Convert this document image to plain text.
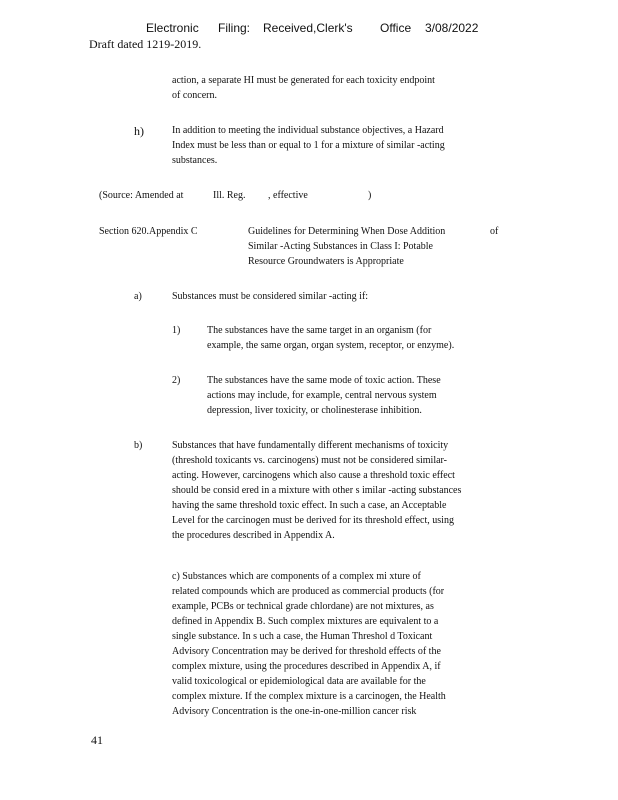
Electronic Filing: Received,Clerk's Office 3/08/2022
Draft dated 1219-2019.
action, a separate HI must be generated for each toxicity endpoint
of concern.
h)	In addition to meeting the individual substance objectives, a Hazard
Index must be less than or equal to 1 for a mixture of similar -acting
substances.
(Source: Amended at	Ill. Reg. , effective	)
Section 620.Appendix C	Guidelines for Determining When Dose Addition
Similar -Acting Substances in Class I: Potable
Resource Groundwaters is Appropriate
of
a)	Substances must be considered similar -acting if:
1)	The substances have the same target in an organism (for
example, the same organ, organ system, receptor, or enzyme).
2)	The substances have the same mode of toxic action. These
actions may include, for example, central nervous system
depression, liver toxicity, or cholinesterase inhibition.
b)	Substances that have fundamentally different mechanisms of toxicity
(threshold toxicants vs. carcinogens) must not be considered similar-
acting. However, carcinogens which also cause a threshold toxic effect
should be consid ered in a mixture with other s imilar -acting substances
having the same threshold toxic effect. In such a case, an Acceptable
Level for the carcinogen must be derived for its threshold effect, using
the procedures described in Appendix A.
c) Substances which are components of a complex mi xture of
related compounds which are produced as commercial products (for
example, PCBs or technical grade chlordane) are not mixtures, as
defined in Appendix B. Such complex mixtures are equivalent to a
single substance. In s uch a case, the Human Threshol d Toxicant
Advisory Concentration may be derived for threshold effects of the
complex mixture, using the procedures described in Appendix A, if
valid toxicological or epidemiological data are available for the
complex mixture. If the complex mixture is a carcinogen, the Health
Advisory Concentration is the one-in-one-million cancer risk
41
